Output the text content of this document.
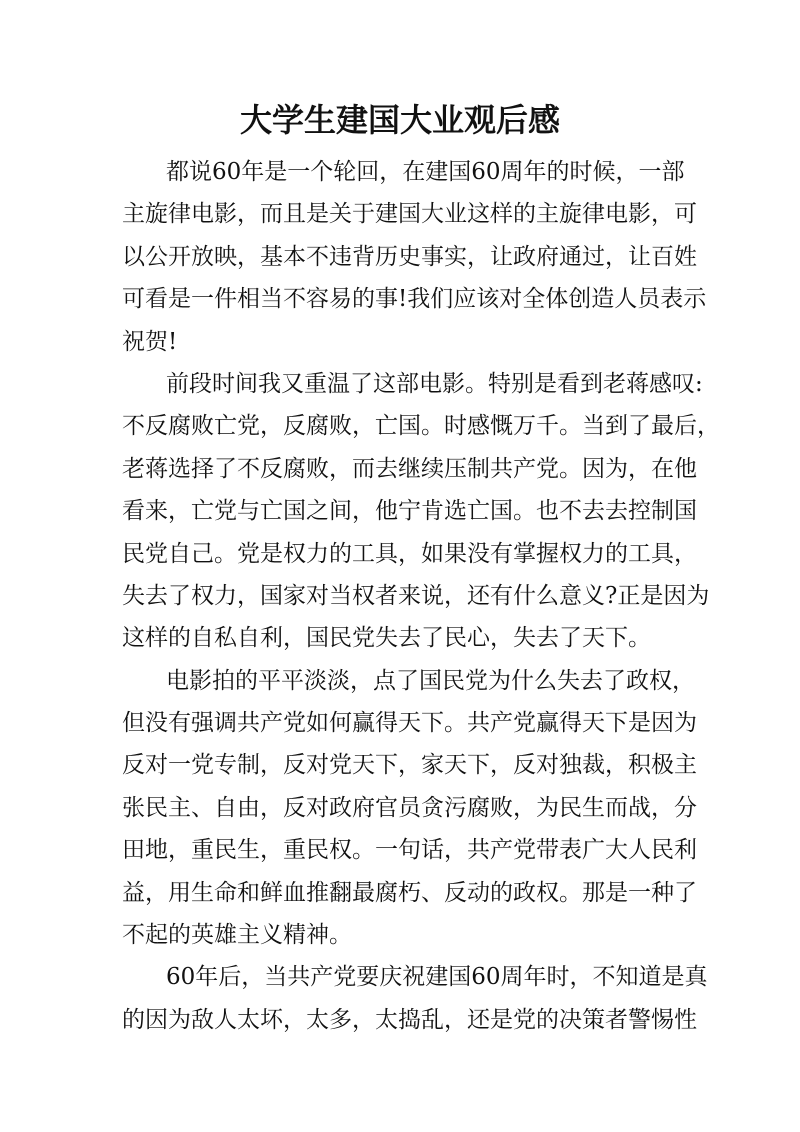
大学生建国大业观后感
都说60年是一个轮回，在建国60周年的时候，一部
主旋律电影，而且是关于建国大业这样的主旋律电影，可
以公开放映，基本不违背历史事实，让政府通过，让百姓
可看是一件相当不容易的事!我们应该对全体创造人员表示
祝贺!
前段时间我又重温了这部电影。特别是看到老蒋感叹:
不反腐败亡党，反腐败，亡国。时感慨万千。当到了最后，
老蒋选择了不反腐败，而去继续压制共产党。因为，在他
看来，亡党与亡国之间，他宁肯选亡国。也不去去控制国
民党自己。党是权力的工具，如果没有掌握权力的工具，
失去了权力，国家对当权者来说，还有什么意义?正是因为
这样的自私自利，国民党失去了民心，失去了天下。
电影拍的平平淡淡，点了国民党为什么失去了政权，
但没有强调共产党如何赢得天下。共产党赢得天下是因为
反对一党专制，反对党天下，家天下，反对独裁，积极主
张民主、自由，反对政府官员贪污腐败，为民生而战，分
田地，重民生，重民权。一句话，共产党带表广大人民利
益，用生命和鲜血推翻最腐朽、反动的政权。那是一种了
不起的英雄主义精神。
60年后，当共产党要庆祝建国60周年时，不知道是真
的因为敌人太坏，太多，太捣乱，还是党的决策者警惕性
